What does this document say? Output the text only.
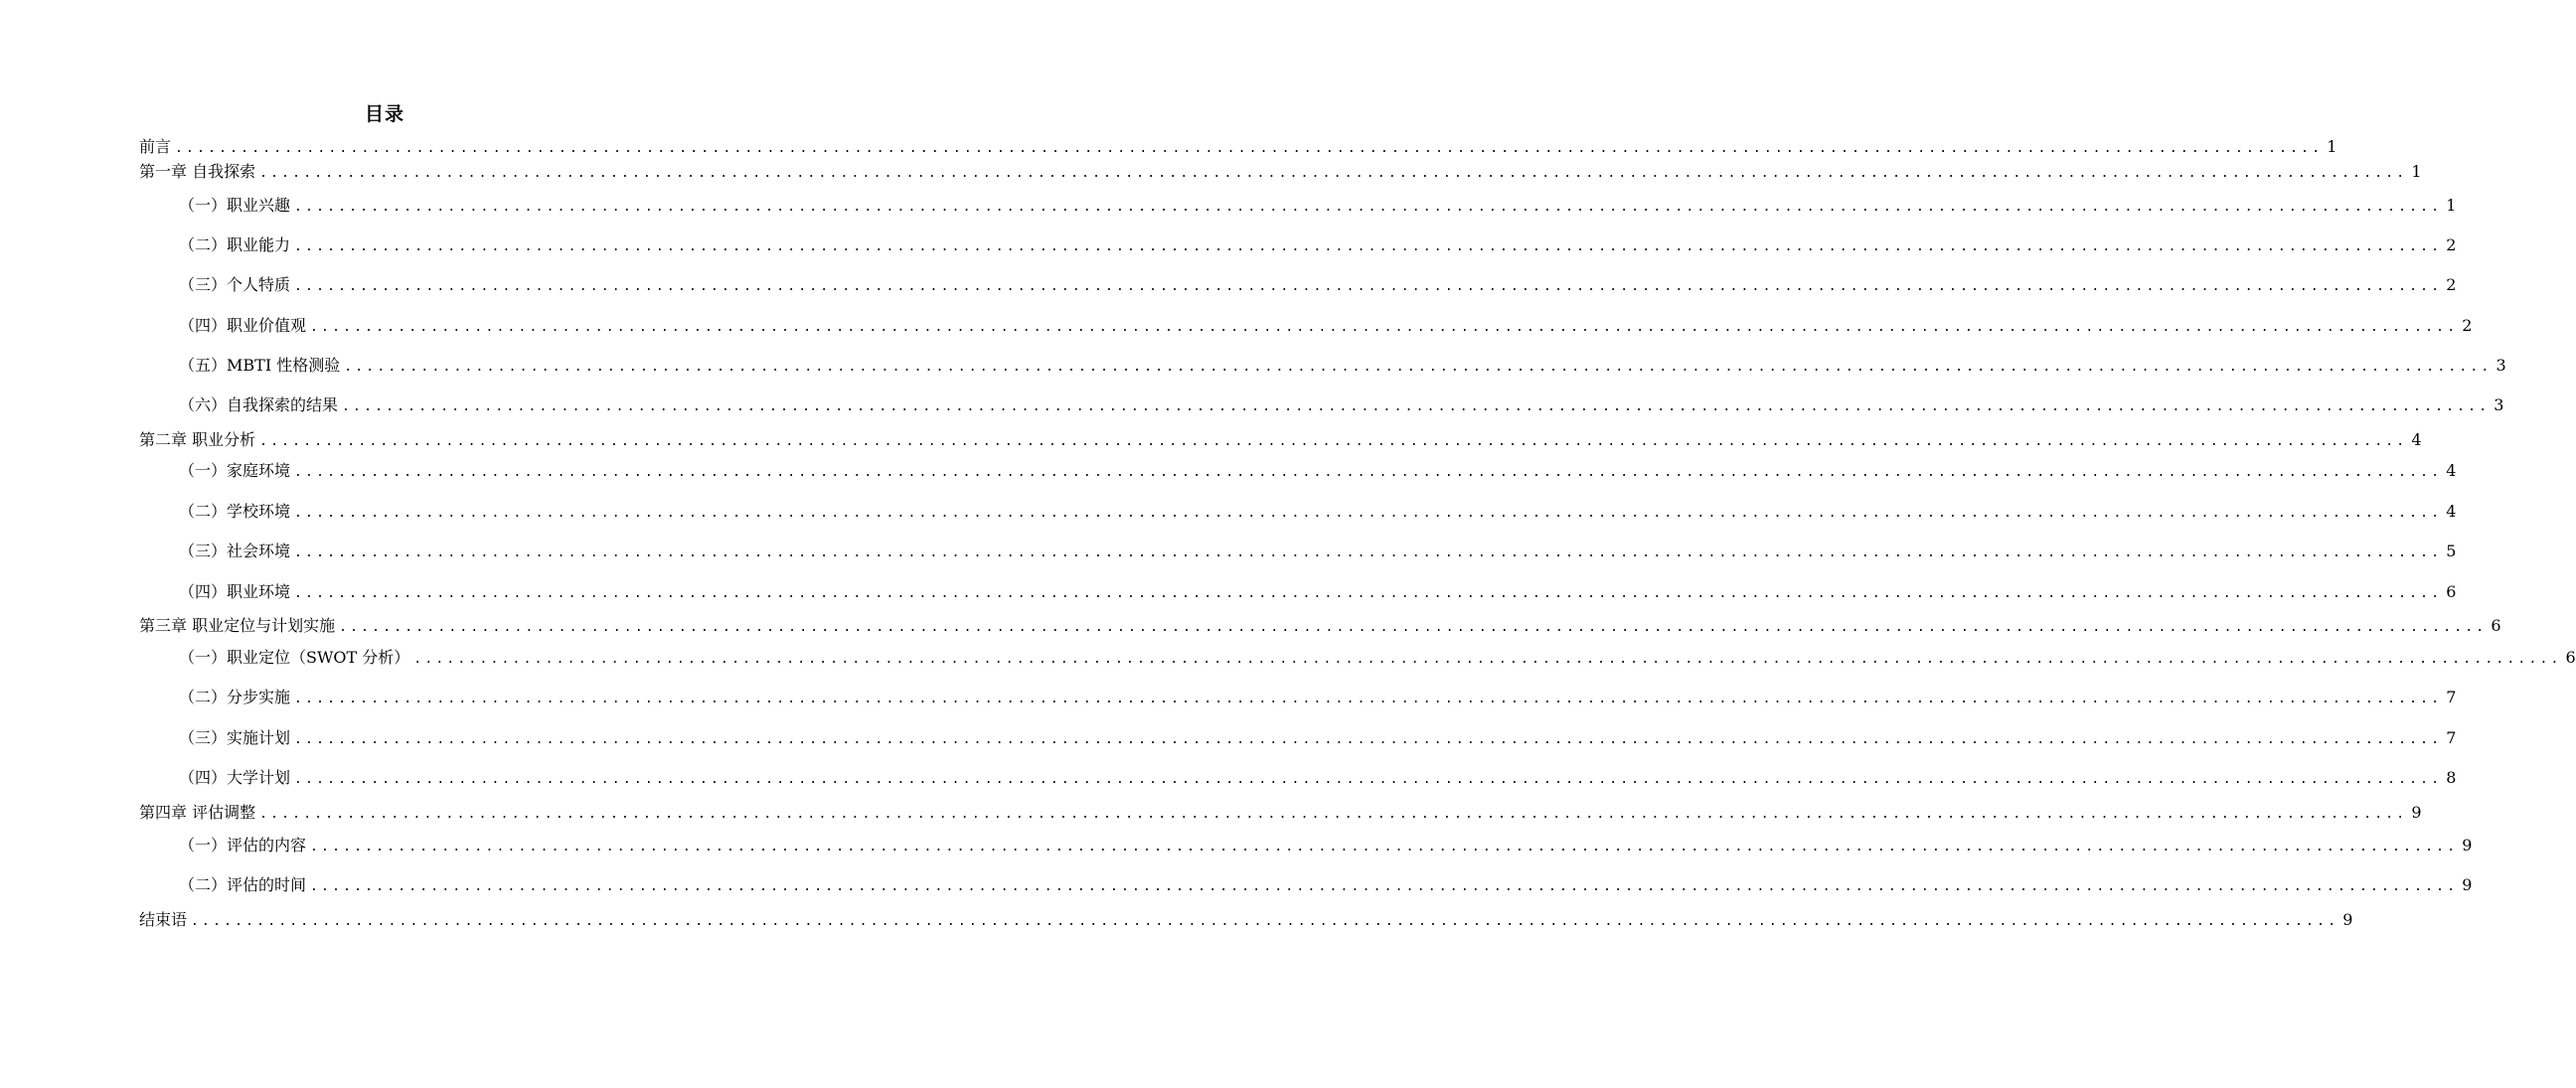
目录
前言 .................................................................................................................................................................................................... 1
第一章 自我探索 .................................................................................................................................................................................................... 1
（一）职业兴趣 .................................................................................................................................................................................................... 1
（二）职业能力 .................................................................................................................................................................................................... 2
（三）个人特质 .................................................................................................................................................................................................... 2
（四）职业价值观 .................................................................................................................................................................................................... 2
（五）MBTI 性格测验 .................................................................................................................................................................................................... 3
（六）自我探索的结果 .................................................................................................................................................................................................... 3
第二章 职业分析 .................................................................................................................................................................................................... 4
（一）家庭环境 .................................................................................................................................................................................................... 4
（二）学校环境 .................................................................................................................................................................................................... 4
（三）社会环境 .................................................................................................................................................................................................... 5
（四）职业环境 .................................................................................................................................................................................................... 6
第三章 职业定位与计划实施 .................................................................................................................................................................................................... 6
（一）职业定位（SWOT 分析） .................................................................................................................................................................................................... 6
（二）分步实施 .................................................................................................................................................................................................... 7
（三）实施计划 .................................................................................................................................................................................................... 7
（四）大学计划 .................................................................................................................................................................................................... 8
第四章 评估调整 .................................................................................................................................................................................................... 9
（一）评估的内容 .................................................................................................................................................................................................... 9
（二）评估的时间 .................................................................................................................................................................................................... 9
结束语 .................................................................................................................................................................................................... 9
